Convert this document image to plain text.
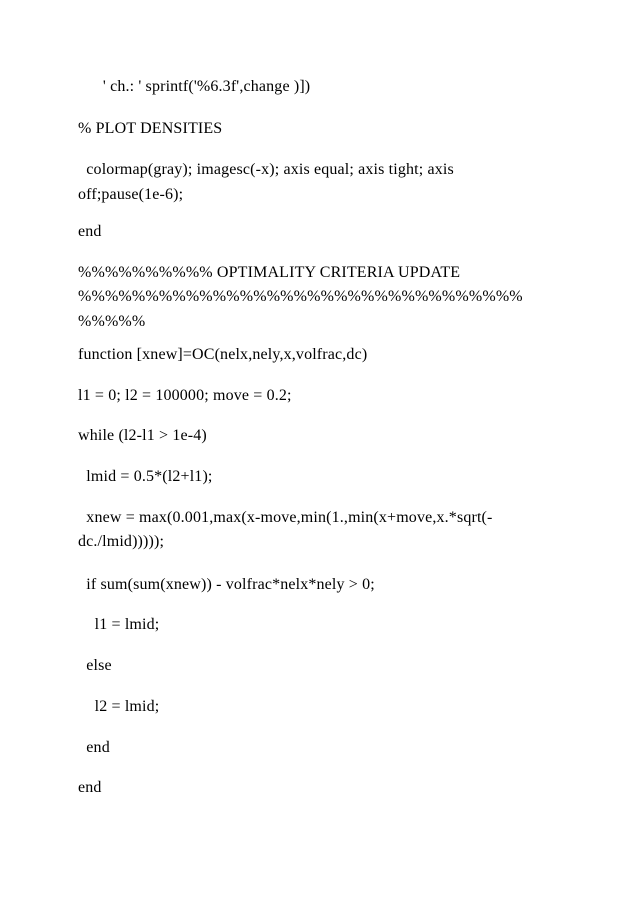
' ch.: ' sprintf('%6.3f',change )])
% PLOT DENSITIES
colormap(gray); imagesc(-x); axis equal; axis tight; axis
off;pause(1e-6);
end
%%%%%%%%%% OPTIMALITY CRITERIA UPDATE
%%%%%%%%%%%%%%%%%%%%%%%%%%%%%%%%%
%%%%%
function [xnew]=OC(nelx,nely,x,volfrac,dc)
l1 = 0; l2 = 100000; move = 0.2;
while (l2-l1 > 1e-4)
lmid = 0.5*(l2+l1);
xnew = max(0.001,max(x-move,min(1.,min(x+move,x.*sqrt(-
dc./lmid)))));
if sum(sum(xnew)) - volfrac*nelx*nely > 0;
l1 = lmid;
else
l2 = lmid;
end
end
